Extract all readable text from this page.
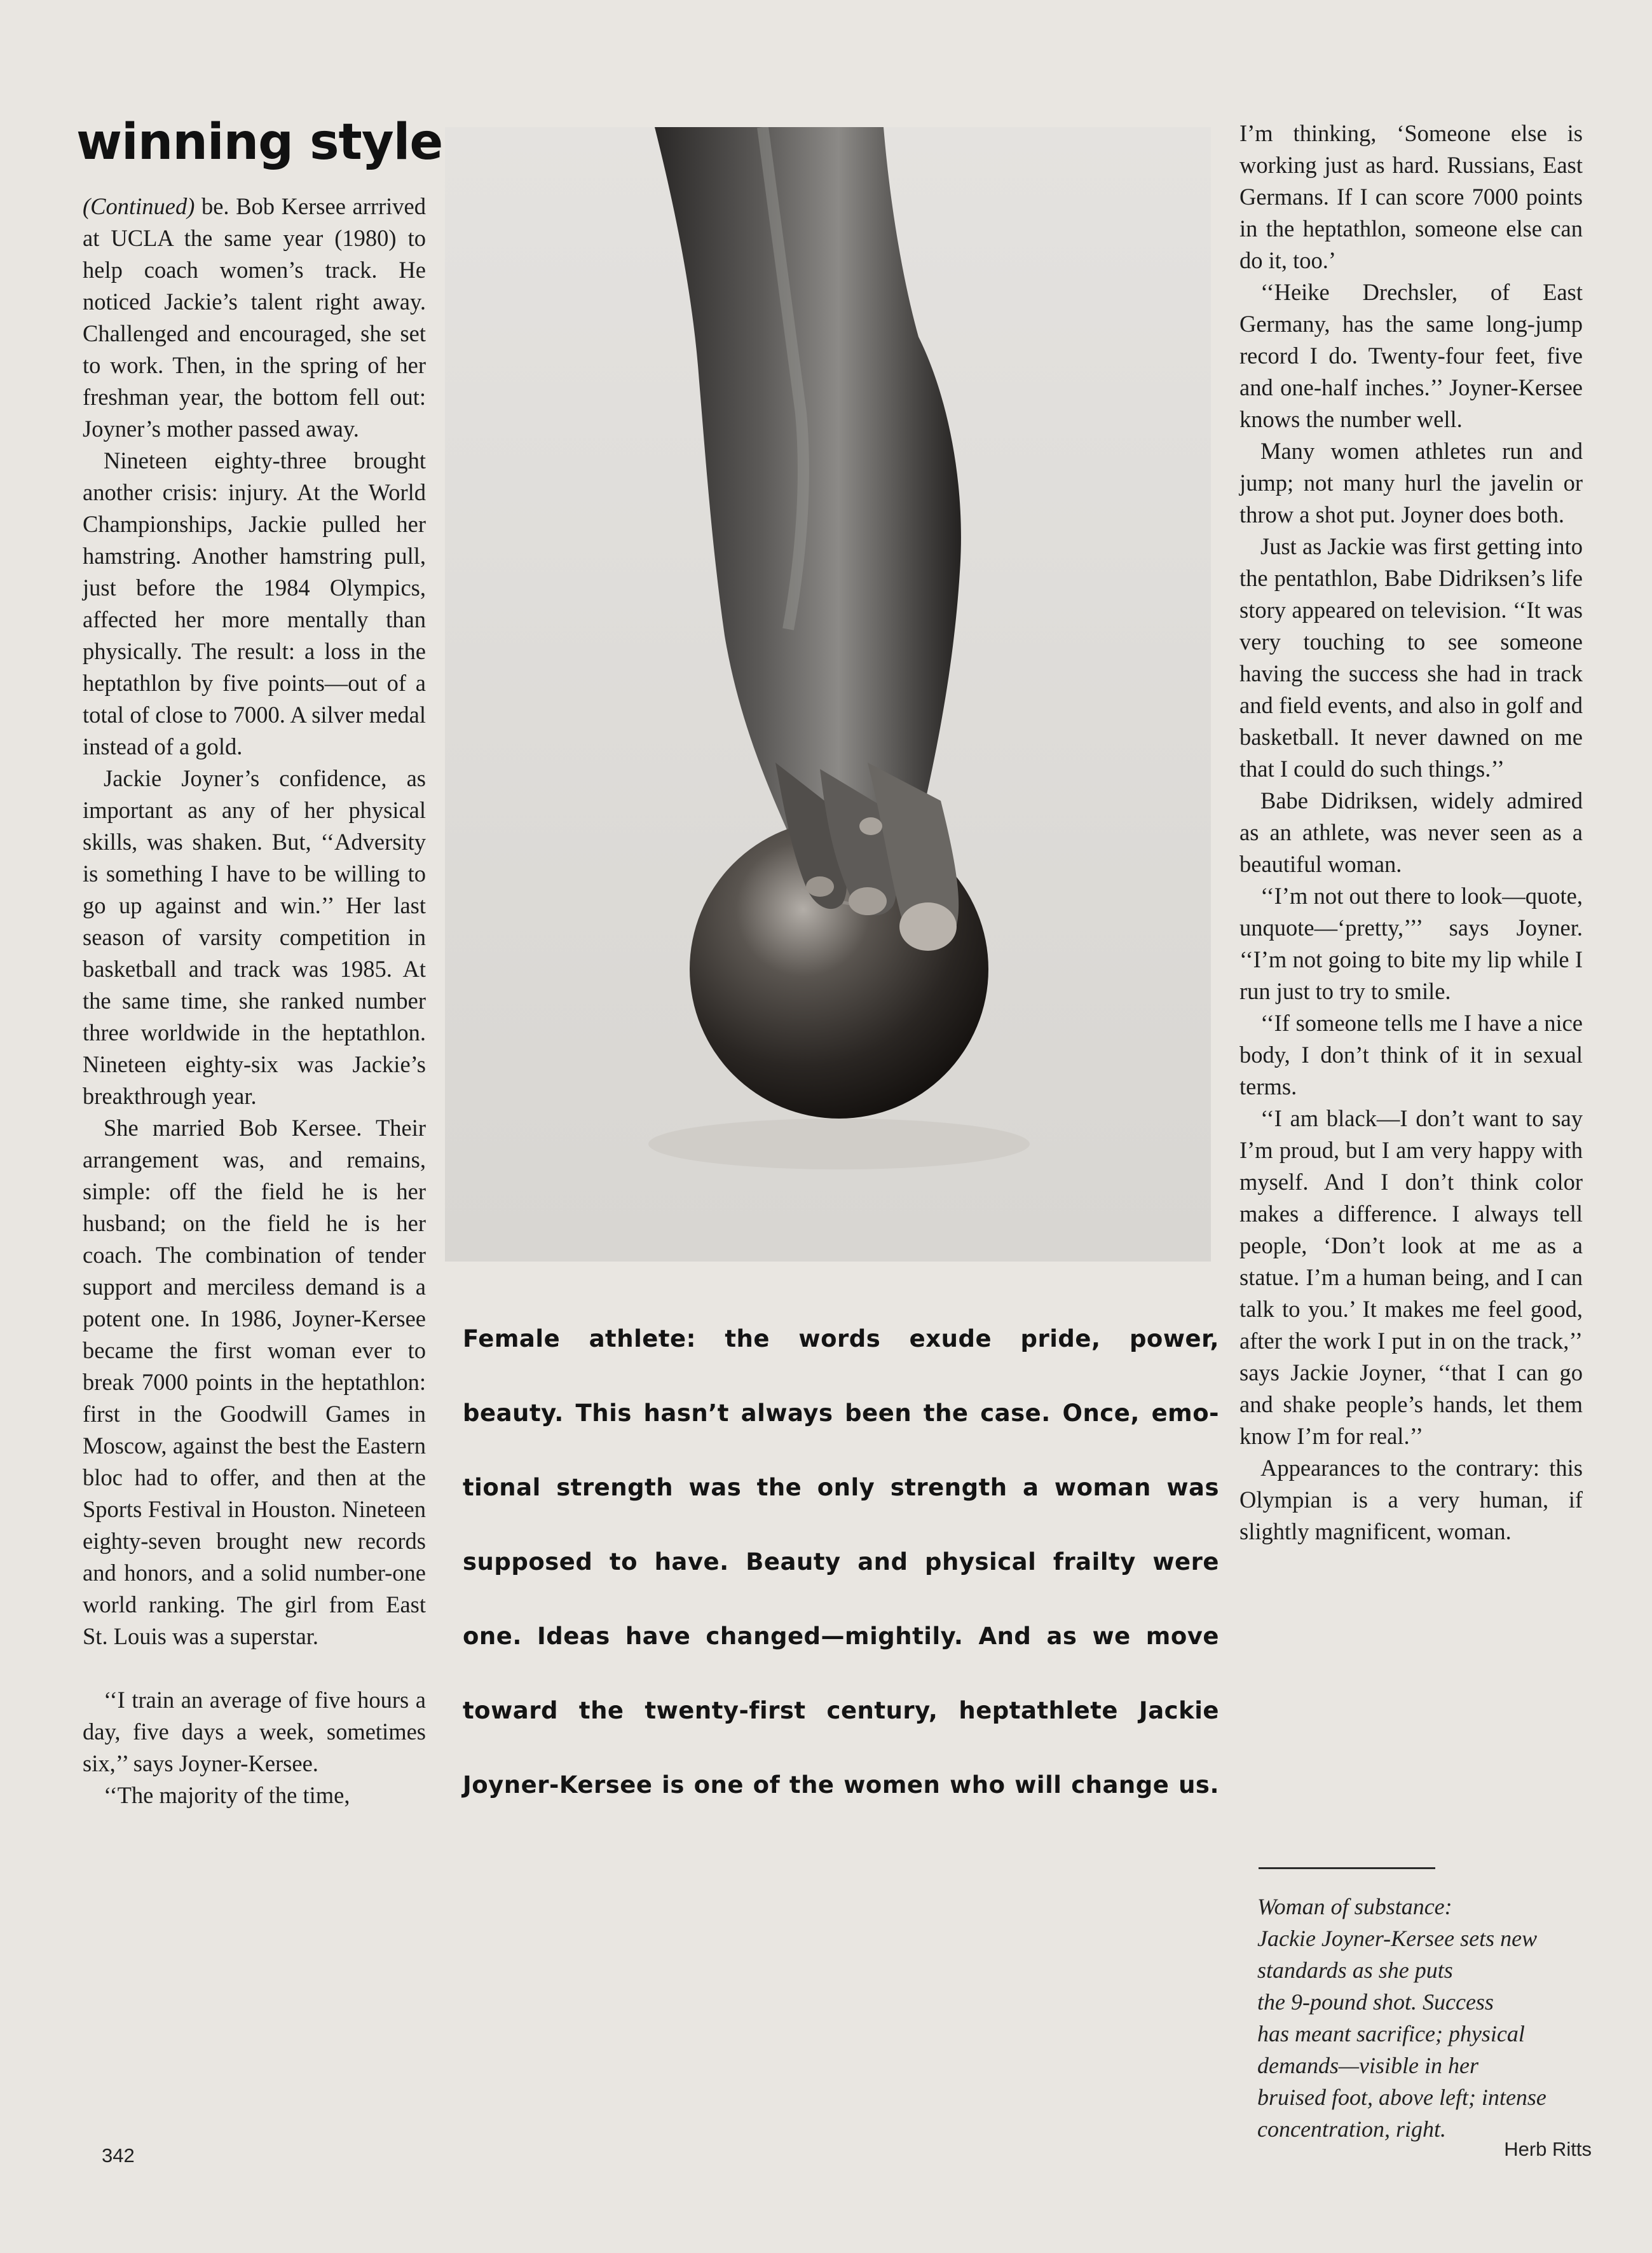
winning style

(Continued) be. Bob Kersee arrrived at UCLA the same year (1980) to help coach women’s track. He noticed Jackie’s talent right away. Challenged and encouraged, she set to work. Then, in the spring of her freshman year, the bottom fell out: Joyner’s mother passed away.

Nineteen eighty-three brought another crisis: injury. At the World Championships, Jackie pulled her hamstring. Another hamstring pull, just before the 1984 Olympics, affected her more mentally than physically. The result: a loss in the heptathlon by five points—out of a total of close to 7000. A silver medal instead of a gold.

Jackie Joyner’s confidence, as important as any of her physical skills, was shaken. But, ‘‘Adversity is something I have to be willing to go up against and win.’’ Her last season of varsity competition in basketball and track was 1985. At the same time, she ranked number three worldwide in the heptathlon. Nineteen eighty-six was Jackie’s breakthrough year.

She married Bob Kersee. Their arrangement was, and remains, simple: off the field he is her husband; on the field he is her coach. The combination of tender support and merciless demand is a potent one. In 1986, Joyner-Kersee became the first woman ever to break 7000 points in the heptathlon: first in the Goodwill Games in Moscow, against the best the Eastern bloc had to offer, and then at the Sports Festival in Houston. Nineteen eighty-seven brought new records and honors, and a solid number-one world ranking. The girl from East St. Louis was a superstar.

‘‘I train an average of five hours a day, five days a week, sometimes six,’’ says Joyner-Kersee.

‘‘The majority of the time,

Female athlete: the words exude pride, power,
beauty. This hasn’t always been the case. Once, emo-
tional strength was the only strength a woman was
supposed to have. Beauty and physical frailty were
one. Ideas have changed—mightily. And as we move
toward the twenty-first century, heptathlete Jackie
Joyner-Kersee is one of the women who will change us.

I’m thinking, ‘Someone else is working just as hard. Russians, East Germans. If I can score 7000 points in the heptathlon, someone else can do it, too.’

‘‘Heike Drechsler, of East Germany, has the same long-jump record I do. Twenty-four feet, five and one-half inches.’’ Joyner-Kersee knows the number well.

Many women athletes run and jump; not many hurl the javelin or throw a shot put. Joyner does both.

Just as Jackie was first getting into the pentathlon, Babe Didriksen’s life story appeared on television. ‘‘It was very touching to see someone having the success she had in track and field events, and also in golf and basketball. It never dawned on me that I could do such things.’’

Babe Didriksen, widely admired as an athlete, was never seen as a beautiful woman.

‘‘I’m not out there to look—quote, unquote—‘pretty,’’’ says Joyner. ‘‘I’m not going to bite my lip while I run just to try to smile.

‘‘If someone tells me I have a nice body, I don’t think of it in sexual terms.

‘‘I am black—I don’t want to say I’m proud, but I am very happy with myself. And I don’t think color makes a difference. I always tell people, ‘Don’t look at me as a statue. I’m a human being, and I can talk to you.’ It makes me feel good, after the work I put in on the track,’’ says Jackie Joyner, ‘‘that I can go and shake people’s hands, let them know I’m for real.’’

Appearances to the contrary: this Olympian is a very human, if slightly magnificent, woman.

Woman of substance:
Jackie Joyner-Kersee sets new
standards as she puts
the 9-pound shot. Success
has meant sacrifice; physical
demands—visible in her
bruised foot, above left; intense
concentration, right.
342	Herb Ritts
